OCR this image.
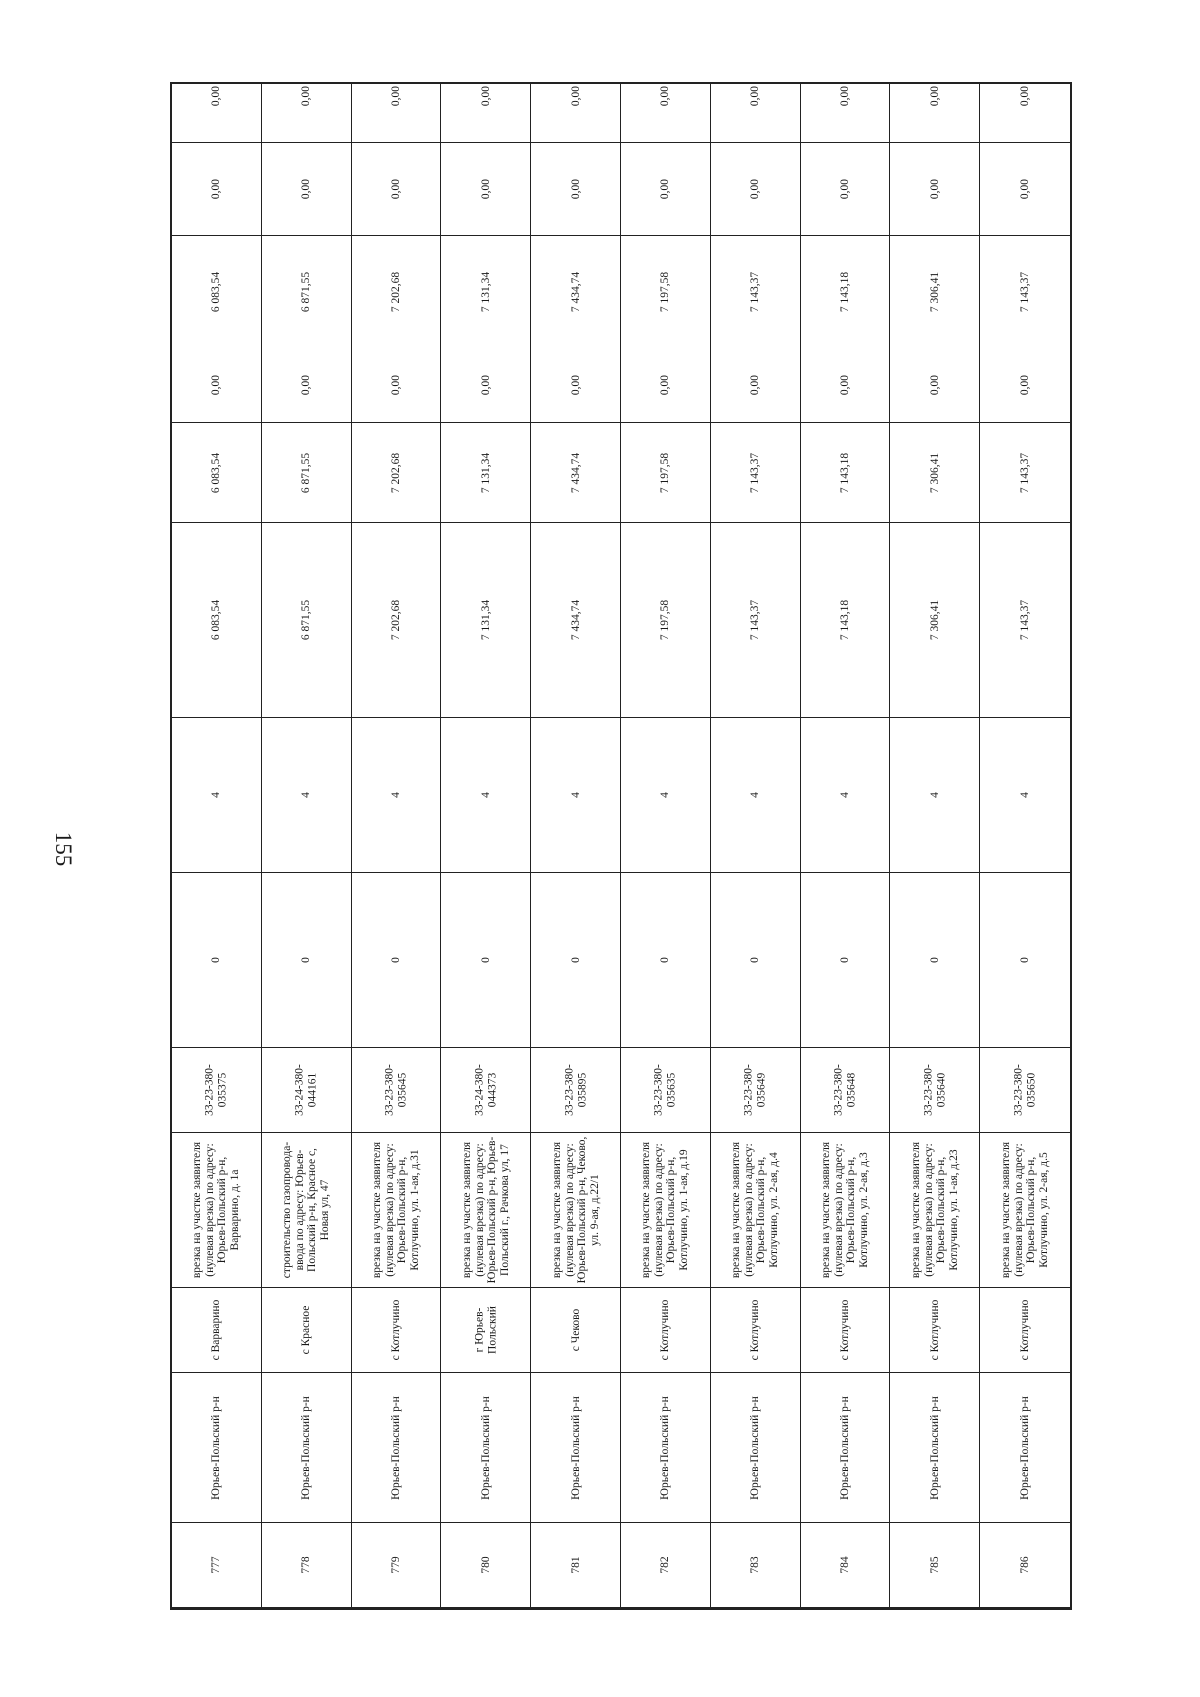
155
777
Юрьев-Польский р-н
с Варварино
врезка на участке заявителя (нулевая врезка) по адресу: Юрьев-Польский р-н, Варварино, д. 1а
33-23-380-035375
0
4
6 083,54
6 083,54
0,00
6 083,54
0,00
0,00
778
Юрьев-Польский р-н
с Красное
строительство газопровода-ввода по адресу: Юрьев-Польский р-н, Красное с, Новая ул, 47
33-24-380-044161
0
4
6 871,55
6 871,55
0,00
6 871,55
0,00
0,00
779
Юрьев-Польский р-н
с Котлучино
врезка на участке заявителя (нулевая врезка) по адресу: Юрьев-Польский р-н, Котлучино, ул. 1-ая, д.31
33-23-380-035645
0
4
7 202,68
7 202,68
0,00
7 202,68
0,00
0,00
780
Юрьев-Польский р-н
г Юрьев-Польский
врезка на участке заявителя (нулевая врезка) по адресу: Юрьев-Польский р-н, Юрьев-Польский г., Рачкова ул, 17
33-24-380-044373
0
4
7 131,34
7 131,34
0,00
7 131,34
0,00
0,00
781
Юрьев-Польский р-н
с Чеково
врезка на участке заявителя (нулевая врезка) по адресу: Юрьев-Польский р-н, Чеково, ул. 9-ая, д.22/1
33-23-380-035895
0
4
7 434,74
7 434,74
0,00
7 434,74
0,00
0,00
782
Юрьев-Польский р-н
с Котлучино
врезка на участке заявителя (нулевая врезка) по адресу: Юрьев-Польский р-н, Котлучино, ул. 1-ая, д.19
33-23-380-035635
0
4
7 197,58
7 197,58
0,00
7 197,58
0,00
0,00
783
Юрьев-Польский р-н
с Котлучино
врезка на участке заявителя (нулевая врезка) по адресу: Юрьев-Польский р-н, Котлучино, ул. 2-ая, д.4
33-23-380-035649
0
4
7 143,37
7 143,37
0,00
7 143,37
0,00
0,00
784
Юрьев-Польский р-н
с Котлучино
врезка на участке заявителя (нулевая врезка) по адресу: Юрьев-Польский р-н, Котлучино, ул. 2-ая, д.3
33-23-380-035648
0
4
7 143,18
7 143,18
0,00
7 143,18
0,00
0,00
785
Юрьев-Польский р-н
с Котлучино
врезка на участке заявителя (нулевая врезка) по адресу: Юрьев-Польский р-н, Котлучино, ул. 1-ая, д.23
33-23-380-035640
0
4
7 306,41
7 306,41
0,00
7 306,41
0,00
0,00
786
Юрьев-Польский р-н
с Котлучино
врезка на участке заявителя (нулевая врезка) по адресу: Юрьев-Польский р-н, Котлучино, ул. 2-ая, д.5
33-23-380-035650
0
4
7 143,37
7 143,37
0,00
7 143,37
0,00
0,00
